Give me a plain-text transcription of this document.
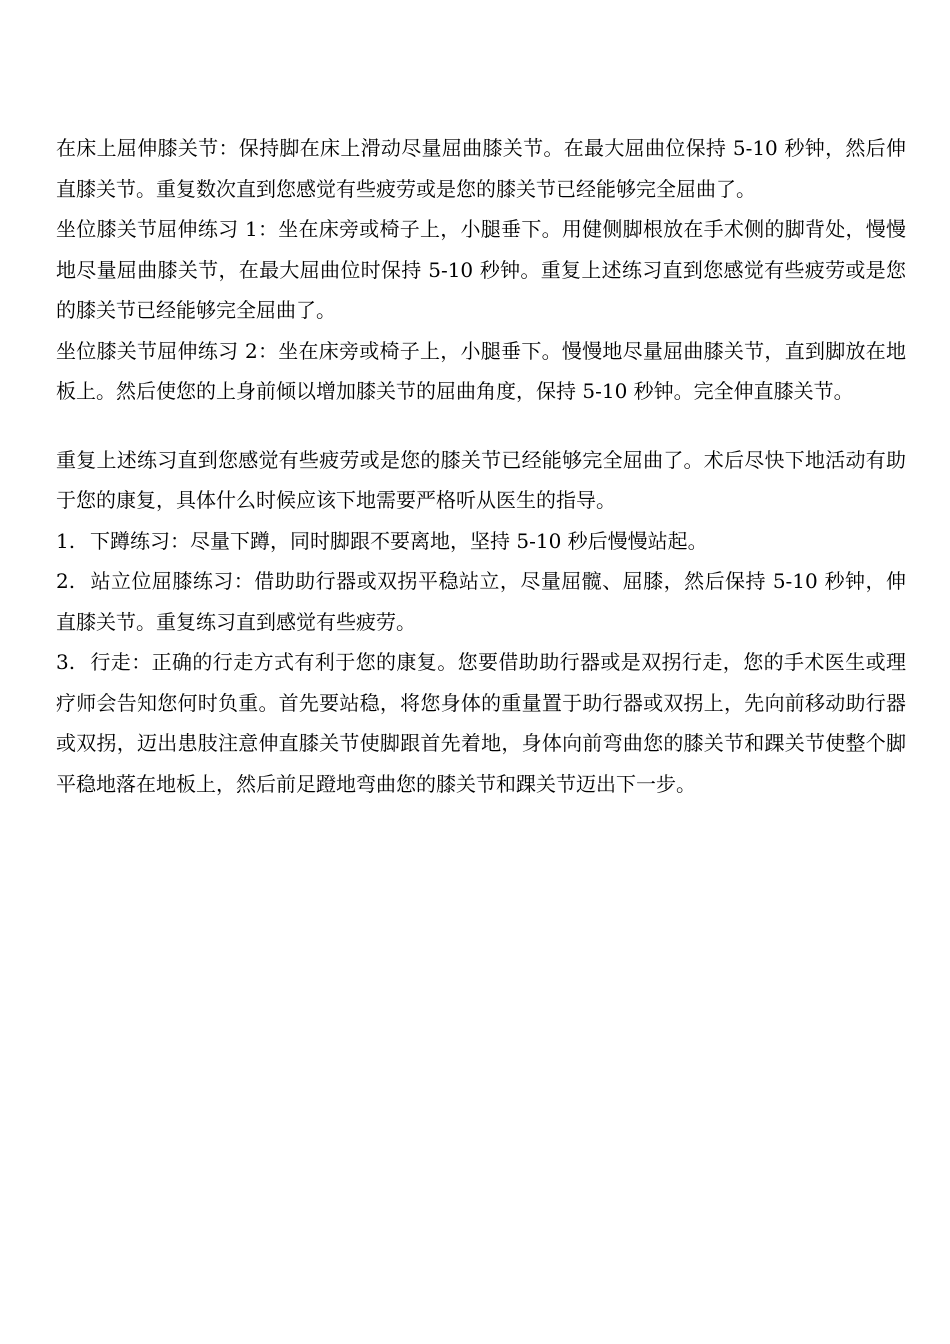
在床上屈伸膝关节：保持脚在床上滑动尽量屈曲膝关节。在最大屈曲位保持 5-10 秒钟，然后伸直膝关节。重复数次直到您感觉有些疲劳或是您的膝关节已经能够完全屈曲了。

坐位膝关节屈伸练习 1：坐在床旁或椅子上，小腿垂下。用健侧脚根放在手术侧的脚背处，慢慢地尽量屈曲膝关节，在最大屈曲位时保持 5-10 秒钟。重复上述练习直到您感觉有些疲劳或是您的膝关节已经能够完全屈曲了。

坐位膝关节屈伸练习 2：坐在床旁或椅子上，小腿垂下。慢慢地尽量屈曲膝关节，直到脚放在地板上。然后使您的上身前倾以增加膝关节的屈曲角度，保持 5-10 秒钟。完全伸直膝关节。

重复上述练习直到您感觉有些疲劳或是您的膝关节已经能够完全屈曲了。术后尽快下地活动有助于您的康复，具体什么时候应该下地需要严格听从医生的指导。

1. 下蹲练习：尽量下蹲，同时脚跟不要离地，坚持 5-10 秒后慢慢站起。

2. 站立位屈膝练习：借助助行器或双拐平稳站立，尽量屈髋、屈膝，然后保持 5-10 秒钟，伸直膝关节。重复练习直到感觉有些疲劳。

3. 行走：正确的行走方式有利于您的康复。您要借助助行器或是双拐行走，您的手术医生或理疗师会告知您何时负重。首先要站稳，将您身体的重量置于助行器或双拐上，先向前移动助行器或双拐，迈出患肢注意伸直膝关节使脚跟首先着地，身体向前弯曲您的膝关节和踝关节使整个脚平稳地落在地板上，然后前足蹬地弯曲您的膝关节和踝关节迈出下一步。
